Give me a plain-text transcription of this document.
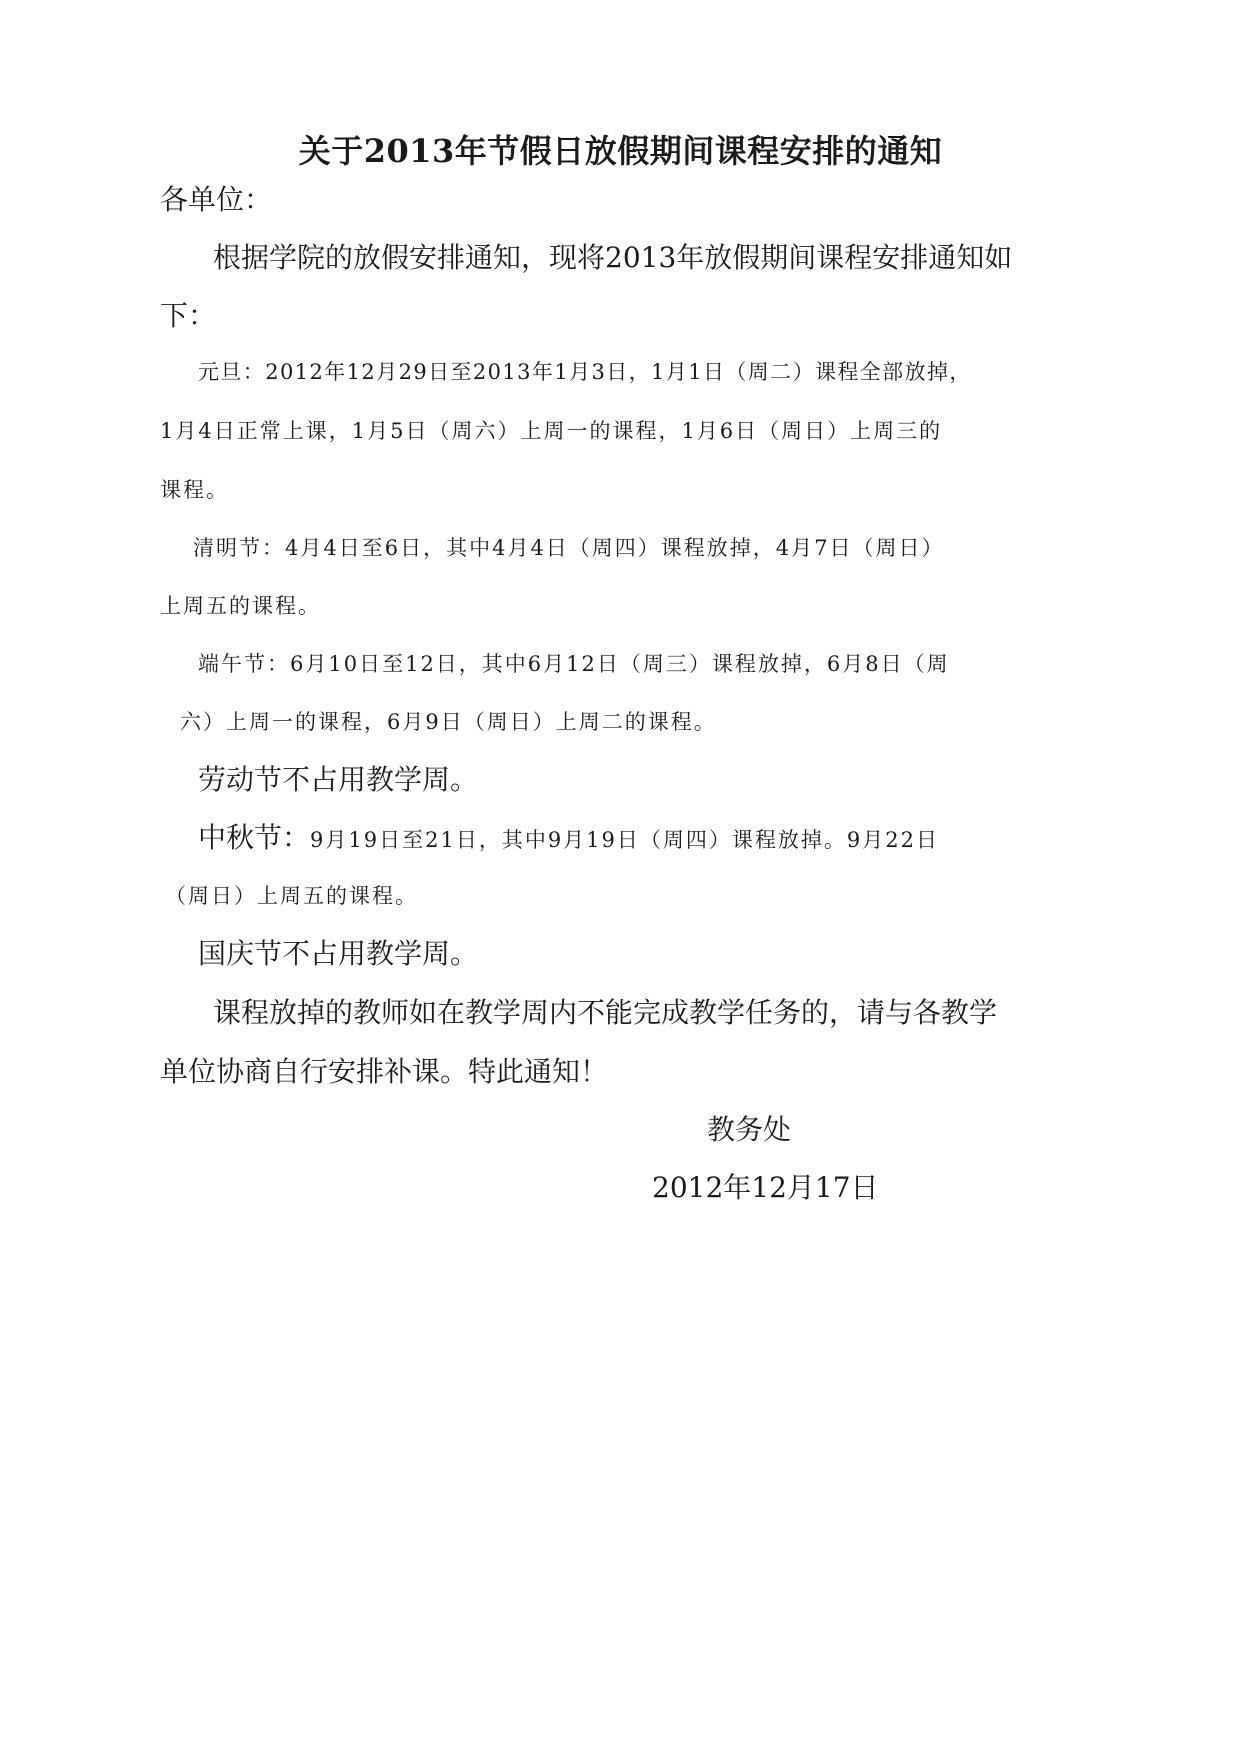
关于2013年节假日放假期间课程安排的通知

各单位：

根据学院的放假安排通知，现将2013年放假期间课程安排通知如

下：

元旦：2012年12月29日至2013年1月3日，1月1日（周二）课程全部放掉，

1月4日正常上课，1月5日（周六）上周一的课程，1月6日（周日）上周三的

课程。

清明节：4月4日至6日，其中4月4日（周四）课程放掉，4月7日（周日）

上周五的课程。

端午节：6月10日至12日，其中6月12日（周三）课程放掉，6月8日（周

六）上周一的课程，6月9日（周日）上周二的课程。

劳动节不占用教学周。

中秋节：9月19日至21日，其中9月19日（周四）课程放掉。9月22日

（周日）上周五的课程。

国庆节不占用教学周。

课程放掉的教师如在教学周内不能完成教学任务的，请与各教学

单位协商自行安排补课。特此通知！

教务处

2012年12月17日
